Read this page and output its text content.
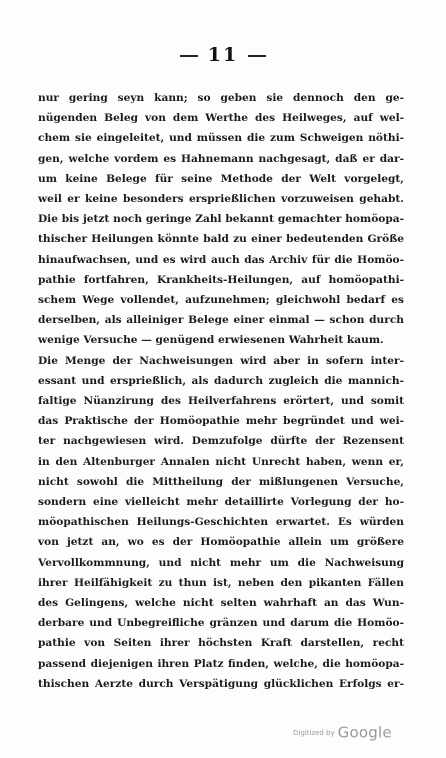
11
nur gering seyn kann; so geben sie dennoch den ge-
nügenden Beleg von dem Werthe des Heilweges, auf wel-
chem sie eingeleitet, und müssen die zum Schweigen nöthi-
gen, welche vordem es Hahnemann nachgesagt, daß er dar-
um keine Belege für seine Methode der Welt vorgelegt,
weil er keine besonders ersprießlichen vorzuweisen gehabt.
Die bis jetzt noch geringe Zahl bekannt gemachter homöopa-
thischer Heilungen könnte bald zu einer bedeutenden Größe
hinaufwachsen, und es wird auch das Archiv für die Homöo-
pathie fortfahren, Krankheits-Heilungen, auf homöopathi-
schem Wege vollendet, aufzunehmen; gleichwohl bedarf es
derselben, als alleiniger Belege einer einmal — schon durch
wenige Versuche — genügend erwiesenen Wahrheit kaum.
Die Menge der Nachweisungen wird aber in sofern inter-
essant und ersprießlich, als dadurch zugleich die mannich-
faltige Nüanzirung des Heilverfahrens erörtert, und somit
das Praktische der Homöopathie mehr begründet und wei-
ter nachgewiesen wird. Demzufolge dürfte der Rezensent
in den Altenburger Annalen nicht Unrecht haben, wenn er,
nicht sowohl die Mittheilung der mißlungenen Versuche,
sondern eine vielleicht mehr detaillirte Vorlegung der ho-
möopathischen Heilungs-Geschichten erwartet. Es würden
von jetzt an, wo es der Homöopathie allein um größere
Vervollkommnung, und nicht mehr um die Nachweisung
ihrer Heilfähigkeit zu thun ist, neben den pikanten Fällen
des Gelingens, welche nicht selten wahrhaft an das Wun-
derbare und Unbegreifliche gränzen und darum die Homöo-
pathie von Seiten ihrer höchsten Kraft darstellen, recht
passend diejenigen ihren Platz finden, welche, die homöopa-
thischen Aerzte durch Verspätigung glücklichen Erfolgs er-
Digitized by Google
